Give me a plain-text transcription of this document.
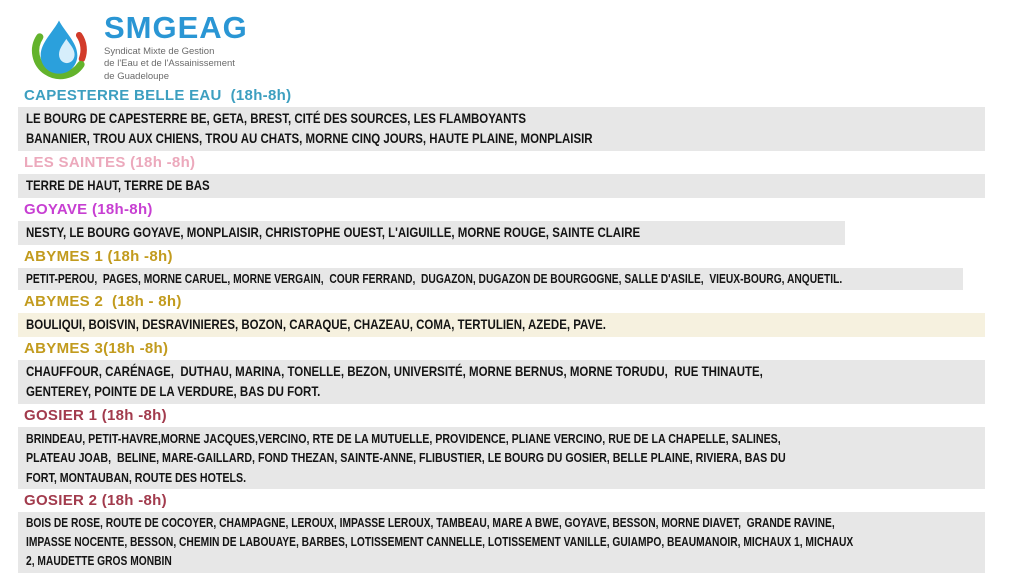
SMGEAG
Syndicat Mixte de Gestion
de l'Eau et de l'Assainissement
de Guadeloupe
CAPESTERRE BELLE EAU  (18h-8h)
LE BOURG DE CAPESTERRE BE, GETA, BREST, CITÉ DES SOURCES, LES FLAMBOYANTS
BANANIER, TROU AUX CHIENS, TROU AU CHATS, MORNE CINQ JOURS, HAUTE PLAINE, MONPLAISIR
LES SAINTES (18h -8h)
TERRE DE HAUT, TERRE DE BAS
GOYAVE (18h-8h)
NESTY, LE BOURG GOYAVE, MONPLAISIR, CHRISTOPHE OUEST, L'AIGUILLE, MORNE ROUGE, SAINTE CLAIRE
ABYMES 1 (18h -8h)
PETIT-PEROU,  PAGES, MORNE CARUEL, MORNE VERGAIN,  COUR FERRAND,  DUGAZON, DUGAZON DE BOURGOGNE, SALLE D'ASILE,  VIEUX-BOURG, ANQUETIL.
ABYMES 2  (18h - 8h)
BOULIQUI, BOISVIN, DESRAVINIERES, BOZON, CARAQUE, CHAZEAU, COMA, TERTULIEN, AZEDE, PAVE.
ABYMES 3(18h -8h)
CHAUFFOUR, CARÉNAGE,  DUTHAU, MARINA, TONELLE, BEZON, UNIVERSITÉ, MORNE BERNUS, MORNE TORUDU,  RUE THINAUTE,
GENTEREY, POINTE DE LA VERDURE, BAS DU FORT.
GOSIER 1 (18h -8h)
BRINDEAU, PETIT-HAVRE,MORNE JACQUES,VERCINO, RTE DE LA MUTUELLE, PROVIDENCE, PLIANE VERCINO, RUE DE LA CHAPELLE, SALINES,
PLATEAU JOAB,  BELINE, MARE-GAILLARD, FOND THEZAN, SAINTE-ANNE, FLIBUSTIER, LE BOURG DU GOSIER, BELLE PLAINE, RIVIERA, BAS DU
FORT, MONTAUBAN, ROUTE DES HOTELS.
GOSIER 2 (18h -8h)
BOIS DE ROSE, ROUTE DE COCOYER, CHAMPAGNE, LEROUX, IMPASSE LEROUX, TAMBEAU, MARE A BWE, GOYAVE, BESSON, MORNE DIAVET,  GRANDE RAVINE,
IMPASSE NOCENTE, BESSON, CHEMIN DE LABOUAYE, BARBES, LOTISSEMENT CANNELLE, LOTISSEMENT VANILLE, GUIAMPO, BEAUMANOIR, MICHAUX 1, MICHAUX
2, MAUDETTE GROS MONBIN
